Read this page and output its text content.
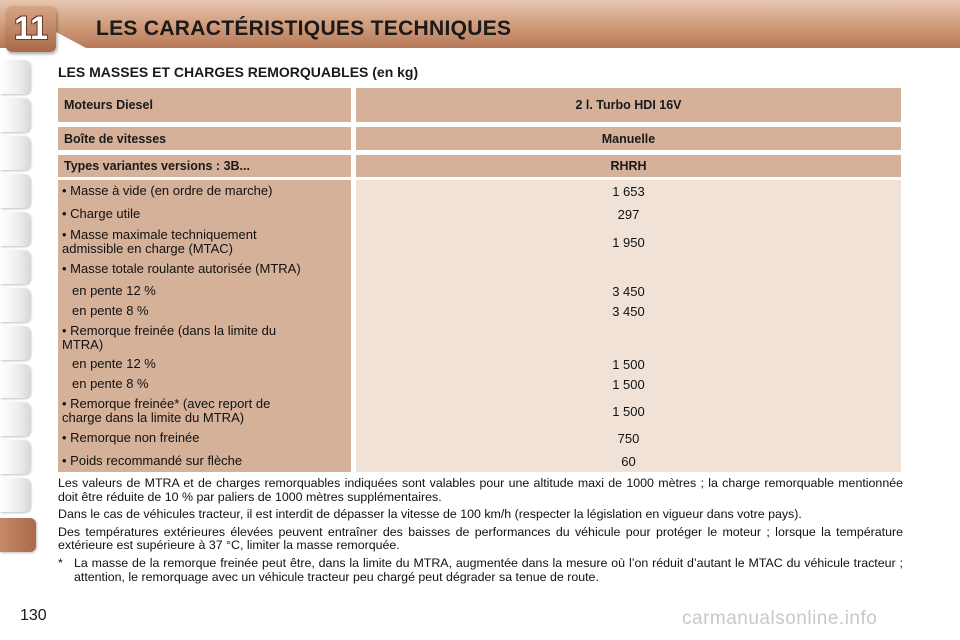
11	LES CARACTÉRISTIQUES TECHNIQUES
LES MASSES ET CHARGES REMORQUABLES (en kg)
Moteurs Diesel	2 l. Turbo HDI 16V
Boîte de vitesses	Manuelle
Types variantes versions : 3B...	RHRH
• Masse à vide (en ordre de marche)	1 653
• Charge utile	297
• Masse maximale techniquement
admissible en charge (MTAC)	1 950
• Masse totale roulante autorisée (MTRA)
en pente 12 %	3 450
en pente 8 %	3 450
• Remorque freinée (dans la limite du
MTRA)
en pente 12 %	1 500
en pente 8 %	1 500
• Remorque freinée* (avec report de
charge dans la limite du MTRA)	1 500
• Remorque non freinée	750
• Poids recommandé sur flèche	60

Les valeurs de MTRA et de charges remorquables indiquées sont valables pour une altitude maxi de 1000 mètres ; la charge remorquable mentionnée doit être réduite de 10 % par paliers de 1000 mètres supplémentaires.

Dans le cas de véhicules tracteur, il est interdit de dépasser la vitesse de 100 km/h (respecter la législation en vigueur dans votre pays).

Des températures extérieures élevées peuvent entraîner des baisses de performances du véhicule pour protéger le moteur ; lorsque la température extérieure est supérieure à 37 °C, limiter la masse remorquée.

* La masse de la remorque freinée peut être, dans la limite du MTRA, augmentée dans la mesure où l’on réduit d’autant le MTAC du véhicule tracteur ; attention, le remorquage avec un véhicule tracteur peu chargé peut dégrader sa tenue de route.

130	carmanualsonline.info
